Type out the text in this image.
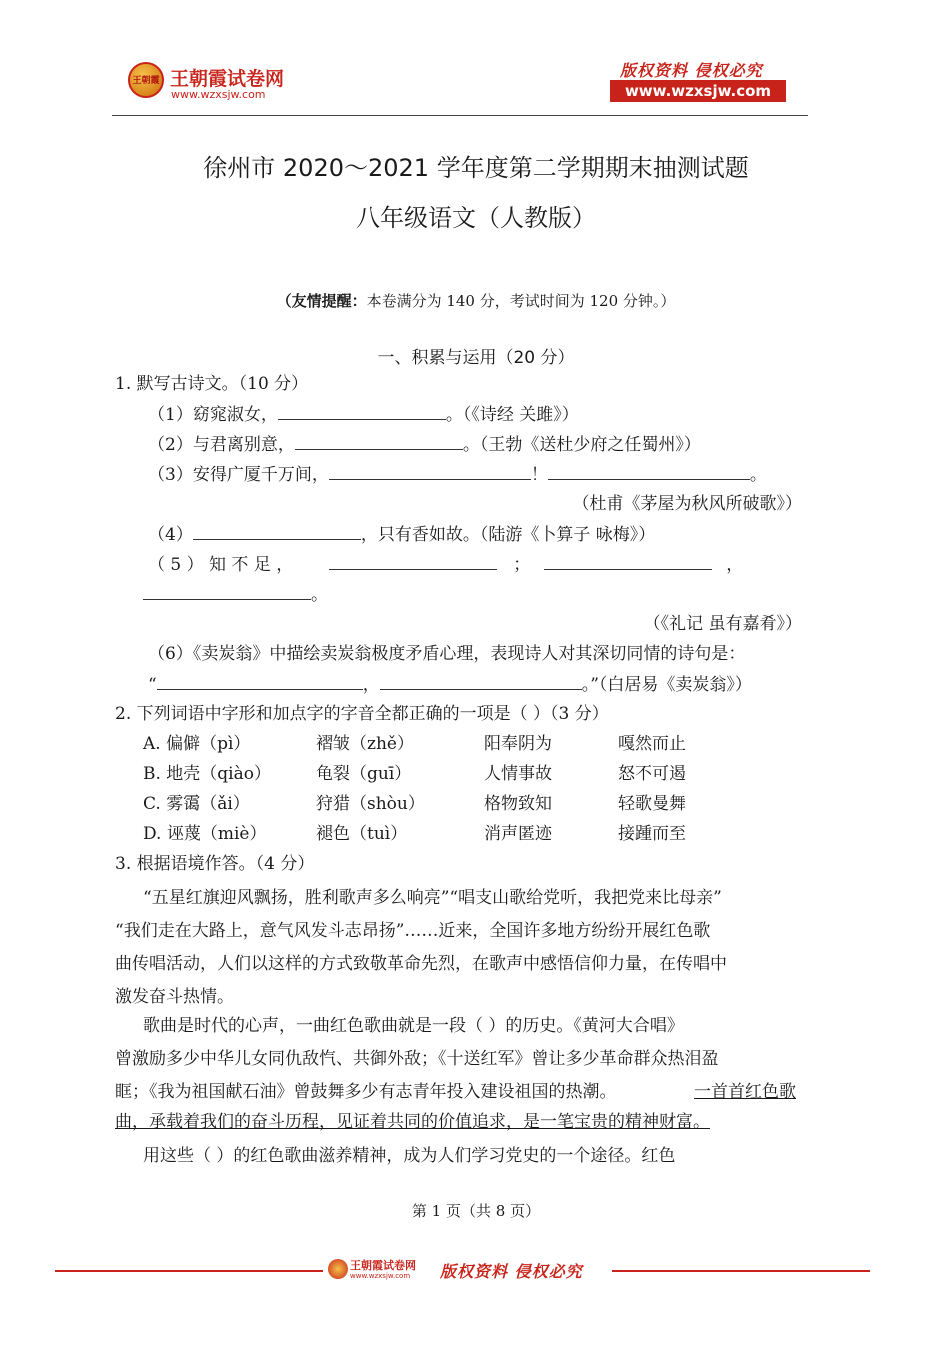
王朝霞 王朝霞试卷网
www.wzxsjw.com
版权资料 侵权必究
www.wzxsjw.com
徐州市 2020～2021 学年度第二学期期末抽测试题
八年级语文（人教版）
（友情提醒：本卷满分为 140 分，考试时间为 120 分钟。）
一、积累与运用（20 分）
1. 默写古诗文。（10 分）
（1）窈窕淑女，	。（《诗经 关雎》）
（2）与君离别意，	。（王勃《送杜少府之任蜀州》）
（3）安得广厦千万间，	！	。
（杜甫《茅屋为秋风所破歌》）
（4）	，只有香如故。（陆游《卜算子 咏梅》）
（ 5 ） 知 不 足 ，	；	，
。
（《礼记 虽有嘉肴》）
（6）《卖炭翁》中描绘卖炭翁极度矛盾心理，表现诗人对其深切同情的诗句是：
“	，	。”（白居易《卖炭翁》）
2. 下列词语中字形和加点字的字音全都正确的一项是（ ）（3 分）
A. 偏僻（pì）	褶皱（zhě）	阳奉阴为	嘎然而止
B. 地壳（qiào）	龟裂（guī）	人情事故	怒不可遏
C. 雾霭（ǎi）	狩猎（shòu）	格物致知	轻歌曼舞
D. 诬蔑（miè）	褪色（tuì）	消声匿迹	接踵而至
3. 根据语境作答。（4 分）
“五星红旗迎风飘扬，胜利歌声多么响亮”“唱支山歌给党听，我把党来比母亲”
“我们走在大路上，意气风发斗志昂扬”……近来，全国许多地方纷纷开展红色歌
曲传唱活动，人们以这样的方式致敬革命先烈，在歌声中感悟信仰力量，在传唱中
激发奋斗热情。
歌曲是时代的心声，一曲红色歌曲就是一段（ ）的历史。《黄河大合唱》
曾激励多少中华儿女同仇敌忾、共御外敌；《十送红军》曾让多少革命群众热泪盈
眶；《我为祖国献石油》曾鼓舞多少有志青年投入建设祖国的热潮。	一首首红色歌
曲，承载着我们的奋斗历程，见证着共同的价值追求，是一笔宝贵的精神财富。
用这些（ ）的红色歌曲滋养精神，成为人们学习党史的一个途径。红色
第 1 页（共 8 页）
王朝霞试卷网
www.wzxsjw.com 版权资料 侵权必究
